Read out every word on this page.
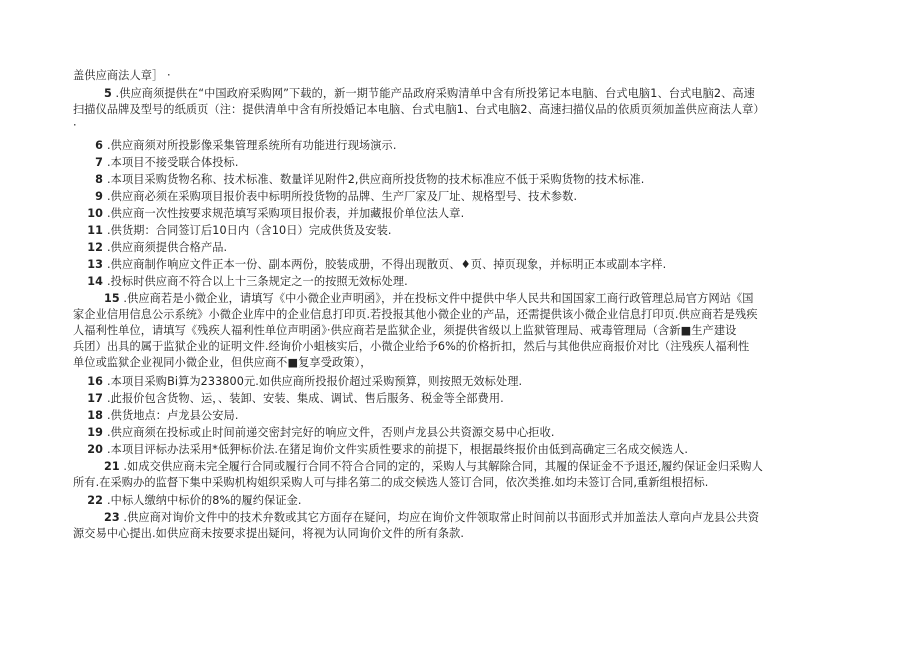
盖供应商法人章］ ·
5 .供应商须提供在“中国政府采购网”下载的，新一期节能产品政府采购清单中含有所投笫记本电脑、台式电脑1、台式电脑2、高速
扫描仪品牌及型号的纸质页（注：提供清单中含有所投婚记本电脑、台式电脑1、台式电脑2、高速扫描仪品的依质页须加盖供应商法人章）
·
6 .供应商须对所投影像采集管理系统所有功能进行现场演示.
7 .本项目不接受联合体投标.
8 .本项目采购货物名称、技术标准、数量详见附件2,供应商所投货物的技术标准应不低于采购货物的技术标准.
9 .供应商必须在采购项目报价表中标明所投货物的品牌、生产厂家及厂址、规格型号、技术参数.
10 .供应商一次性按要求规范填写采购项目报价表，并加藏报价单位法人章.
11 .供货期：合同签订后10日内（含10日）完成供货及安装.
12 .供应商须提供合格产品.
13 .供应商制作响应文件正本一份、副本两份，胶装成册，不得出现散页、♦页、掉页现象，并标明正本或副本字样.
14 .投标时供应商不符合以上十三条规定之一的按照无效标处理.
15 .供应商若是小微企业，请填写《中小微企业声明函》，并在投标文件中提供中华人民共和国国家工商行政管理总局官方网站《国
家企业信用信息公示系统》小微企业库中的企业信息打印页.若投报其他小微企业的产品，还需提供该小微企业信息打印页.供应商若是残疾
人福利性单位，请填写《残疾人福利性单位声明函》·供应商若是监狱企业，须提供省级以上监狱管理局、戒毒管理局（含新■生产建设
兵团）出具的属于监狱企业的证明文件.经询价小蛆核实后，小微企业给予6%的价格折扣，然后与其他供应商报价对比（注残疾人福利性
单位或监狱企业视同小微企业，但供应商不■复享受政策），
16 .本项目采购Bi算为233800元.如供应商所投报价超过采购预算，则按照无效标处理.
17 .此报价包含货物、运，、装卸、安装、集成、调试、售后服务、税金等全部费用.
18 .供货地点：卢龙县公安局.
19 .供应商须在投标或止时间前递交密封完好的响应文件，否则卢龙县公共资源交易中心拒收.
20 .本项目评标办法采用*低狎标价法.在猪足询价文件实质性要求的前提下，根据最终报价由低到高确定三名成交候选人.
21 .如成交供应商未完全履行合同或履行合同不符合合同的定的，采购人与其解除合同，其履的保证金不予退还,履约保证金归采购人
所有.在采购办的监督下集中采购机构姐织采购人可与排名第二的成交候选人签订合同，依次类推.如均未签订合同,重新组根招标.
22 .中标人缴纳中标价的8%的履约保证金.
23 .供应商对询价文件中的技术弁数或其它方面存在疑问，均应在询价文件领取常止时间前以书面形式并加盖法人章向卢龙县公共资
源交易中心提出.如供应商未按要求提出疑问，将视为认同询价文件的所有条款.
